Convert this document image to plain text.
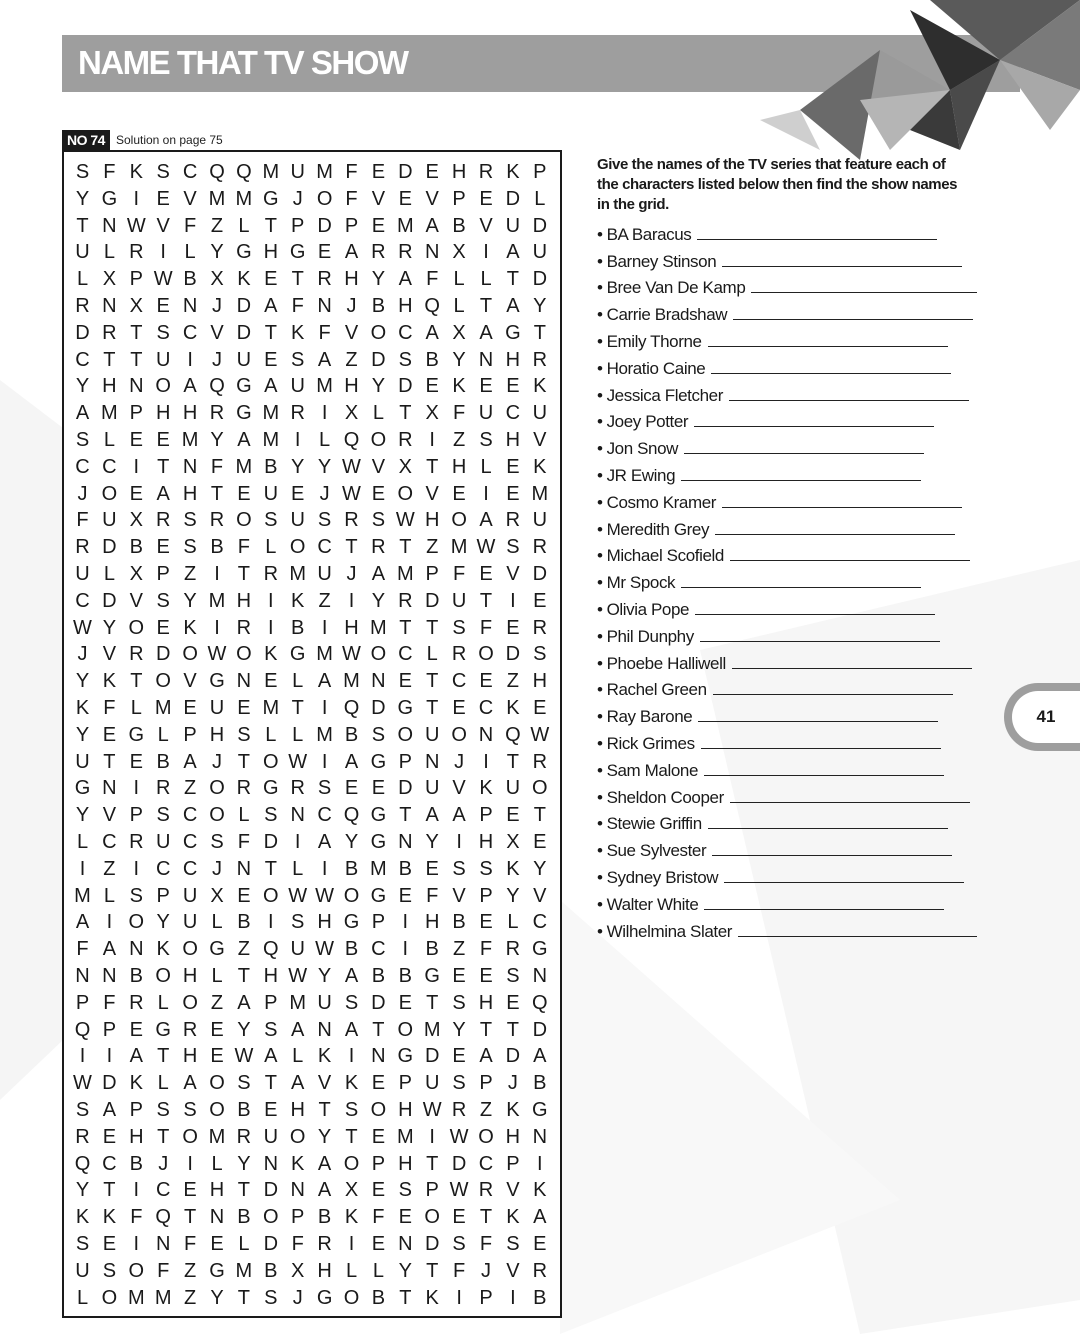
NAME THAT TV SHOW
NO 74 Solution on page 75
S F K S C Q Q M U M F E D E H R K P
Y G I E V M M G J O F V E V P E D L
T N W V F Z L T P D P E M A B V U D
U L R I L Y G H G E A R R N X I A U
L X P W B X K E T R H Y A F L L T D
R N X E N J D A F N J B H Q L T A Y
D R T S C V D T K F V O C A X A G T
C T T U I J U E S A Z D S B Y N H R
Y H N O A Q G A U M H Y D E K E E K
A M P H H R G M R I X L T X F U C U
S L E E M Y A M I L Q O R I Z S H V
C C I T N F M B Y Y W V X T H L E K
J O E A H T E U E J W E O V E I E M
F U X R S R O S U S R S W H O A R U
R D B E S B F L O C T R T Z M W S R
U L X P Z I T R M U J A M P F E V D
C D V S Y M H I K Z I Y R D U T I E
W Y O E K I R I B I H M T T S F E R
J V R D O W O K G M W O C L R O D S
Y K T O V G N E L A M N E T C E Z H
K F L M E U E M T I Q D G T E C K E
Y E G L P H S L L M B S O U O N Q W
U T E B A J T O W I A G P N J I T R
G N I R Z O R G R S E E D U V K U O
Y V P S C O L S N C Q G T A A P E T
L C R U C S F D I A Y G N Y I H X E
I Z I C C J N T L I B M B E S S K Y
M L S P U X E O W W O G E F V P Y V
A I O Y U L B I S H G P I H B E L C
F A N K O G Z Q U W B C I B Z F R G
N N B O H L T H W Y A B B G E E S N
P F R L O Z A P M U S D E T S H E Q
Q P E G R E Y S A N A T O M Y T T D
I	I A T H E W A L K I N G D E A D A
W D K L A O S T A V K E P U S P J B
S A P S S O B E H T S O H W R Z K G
R E H T O M R U O Y T E M I W O H N
Q C B J I L Y N K A O P H T D C P I
Y T I C E H T D N A X E S P W R V K
K K F Q T N B O P B K F E O E T K A
S E I N F E L D F R I E N D S F S E
U S O F Z G M B X H L L Y T F J V R
L O M M Z Y T S J G O B T K I P I B
Give the names of the TV series that feature each of the characters listed below then find the show names in the grid.
• BA Baracus
• Barney Stinson
• Bree Van De Kamp
• Carrie Bradshaw
• Emily Thorne
• Horatio Caine
• Jessica Fletcher
• Joey Potter
• Jon Snow
• JR Ewing
• Cosmo Kramer
• Meredith Grey
• Michael Scofield
• Mr Spock
• Olivia Pope
• Phil Dunphy
• Phoebe Halliwell
• Rachel Green
• Ray Barone
• Rick Grimes
• Sam Malone
• Sheldon Cooper
• Stewie Griffin
• Sue Sylvester
• Sydney Bristow
• Walter White
• Wilhelmina Slater
41
